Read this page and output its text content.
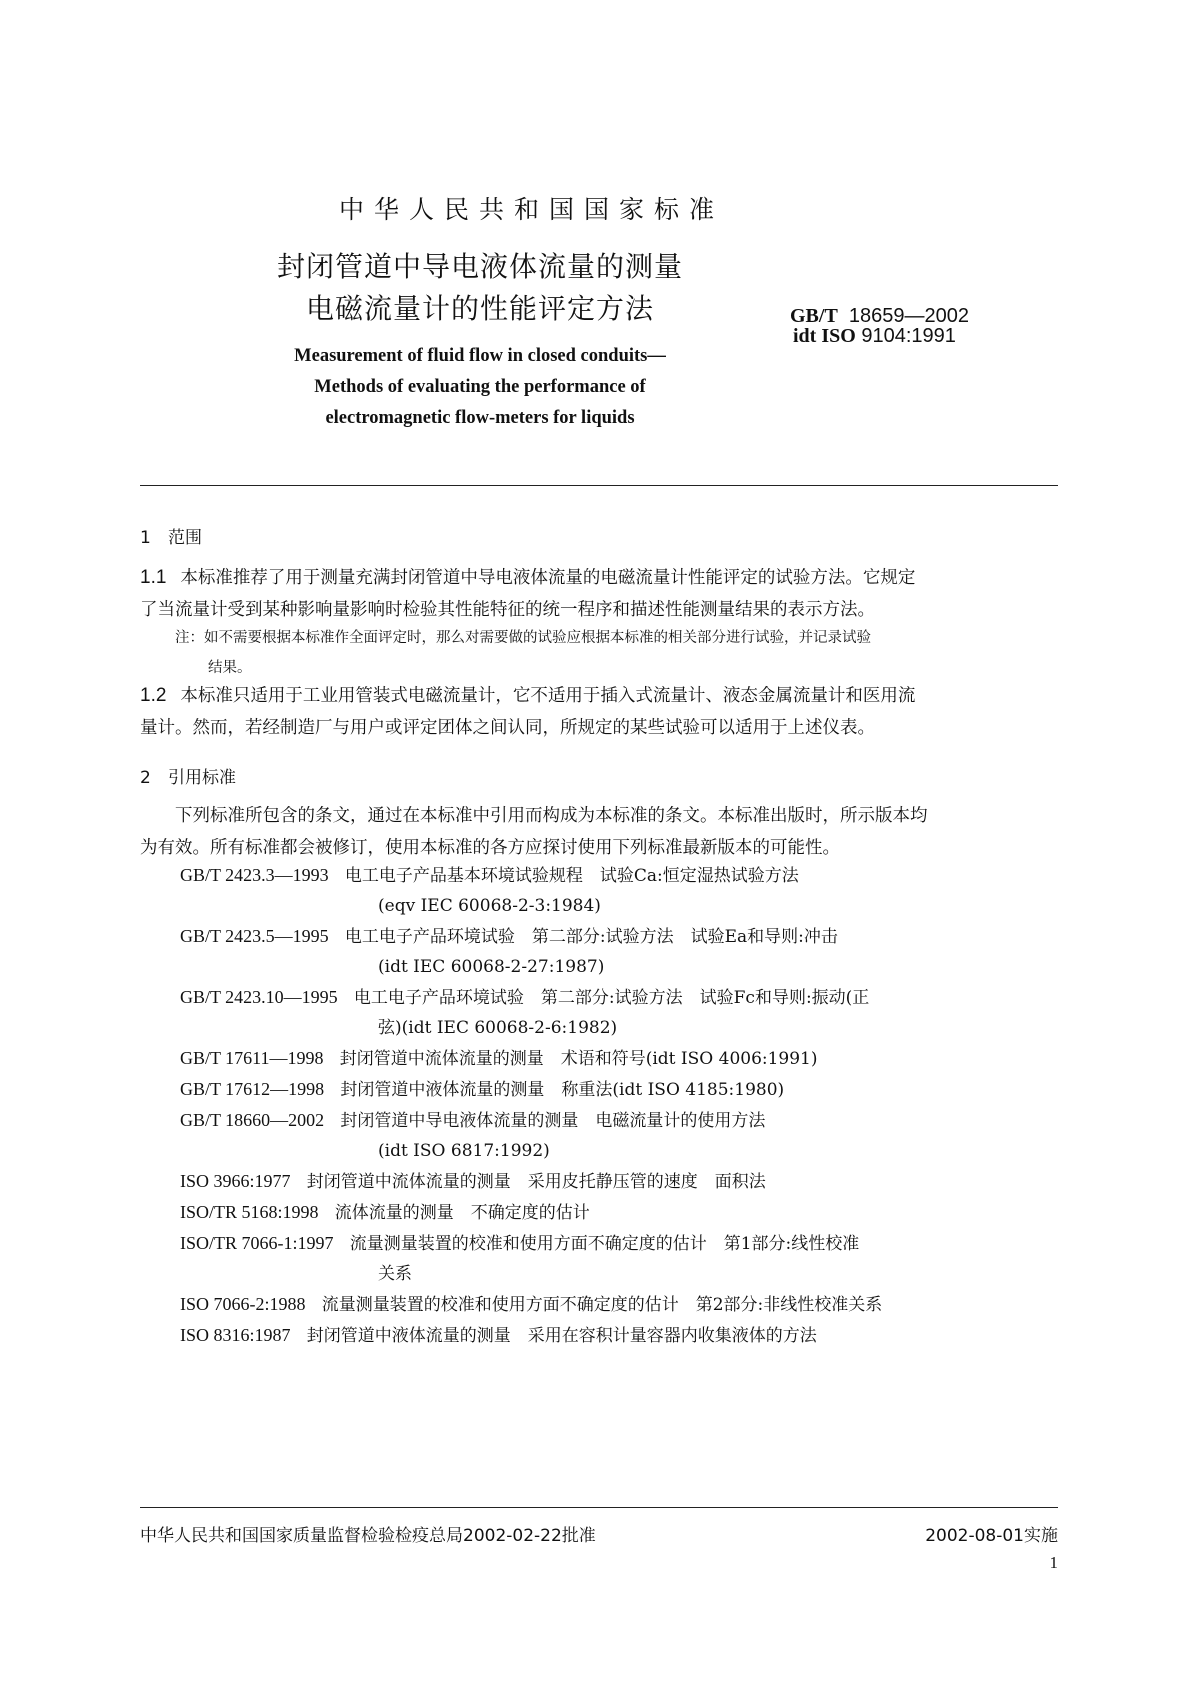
中华人民共和国国家标准
封闭管道中导电液体流量的测量
电磁流量计的性能评定方法	GB/T 18659—2002
idt ISO 9104:1991
Measurement of fluid flow in closed conduits—
Methods of evaluating the performance of
electromagnetic flow-meters for liquids
1 范围
1.1 本标准推荐了用于测量充满封闭管道中导电液体流量的电磁流量计性能评定的试验方法。它规定
了当流量计受到某种影响量影响时检验其性能特征的统一程序和描述性能测量结果的表示方法。
注：如不需要根据本标准作全面评定时，那么对需要做的试验应根据本标准的相关部分进行试验，并记录试验
结果。
1.2 本标准只适用于工业用管装式电磁流量计，它不适用于插入式流量计、液态金属流量计和医用流
量计。然而，若经制造厂与用户或评定团体之间认同，所规定的某些试验可以适用于上述仪表。
2 引用标准
下列标准所包含的条文，通过在本标准中引用而构成为本标准的条文。本标准出版时，所示版本均
为有效。所有标准都会被修订，使用本标准的各方应探讨使用下列标准最新版本的可能性。
GB/T 2423.3—1993 电工电子产品基本环境试验规程　试验Ca:恒定湿热试验方法
(eqv IEC 60068-2-3:1984)
GB/T 2423.5—1995 电工电子产品环境试验　第二部分:试验方法　试验Ea和导则:冲击
(idt IEC 60068-2-27:1987)
GB/T 2423.10—1995 电工电子产品环境试验　第二部分:试验方法　试验Fc和导则:振动(正
弦)(idt IEC 60068-2-6:1982)
GB/T 17611—1998 封闭管道中流体流量的测量　术语和符号(idt ISO 4006:1991)
GB/T 17612—1998 封闭管道中液体流量的测量　称重法(idt ISO 4185:1980)
GB/T 18660—2002 封闭管道中导电液体流量的测量　电磁流量计的使用方法
(idt ISO 6817:1992)
ISO 3966:1977 封闭管道中流体流量的测量　采用皮托静压管的速度　面积法
ISO/TR 5168:1998 流体流量的测量　不确定度的估计
ISO/TR 7066-1:1997 流量测量装置的校准和使用方面不确定度的估计　第1部分:线性校准
关系
ISO 7066-2:1988 流量测量装置的校准和使用方面不确定度的估计　第2部分:非线性校准关系
ISO 8316:1987 封闭管道中液体流量的测量　采用在容积计量容器内收集液体的方法
中华人民共和国国家质量监督检验检疫总局2002-02-22批准	2002-08-01实施
1
